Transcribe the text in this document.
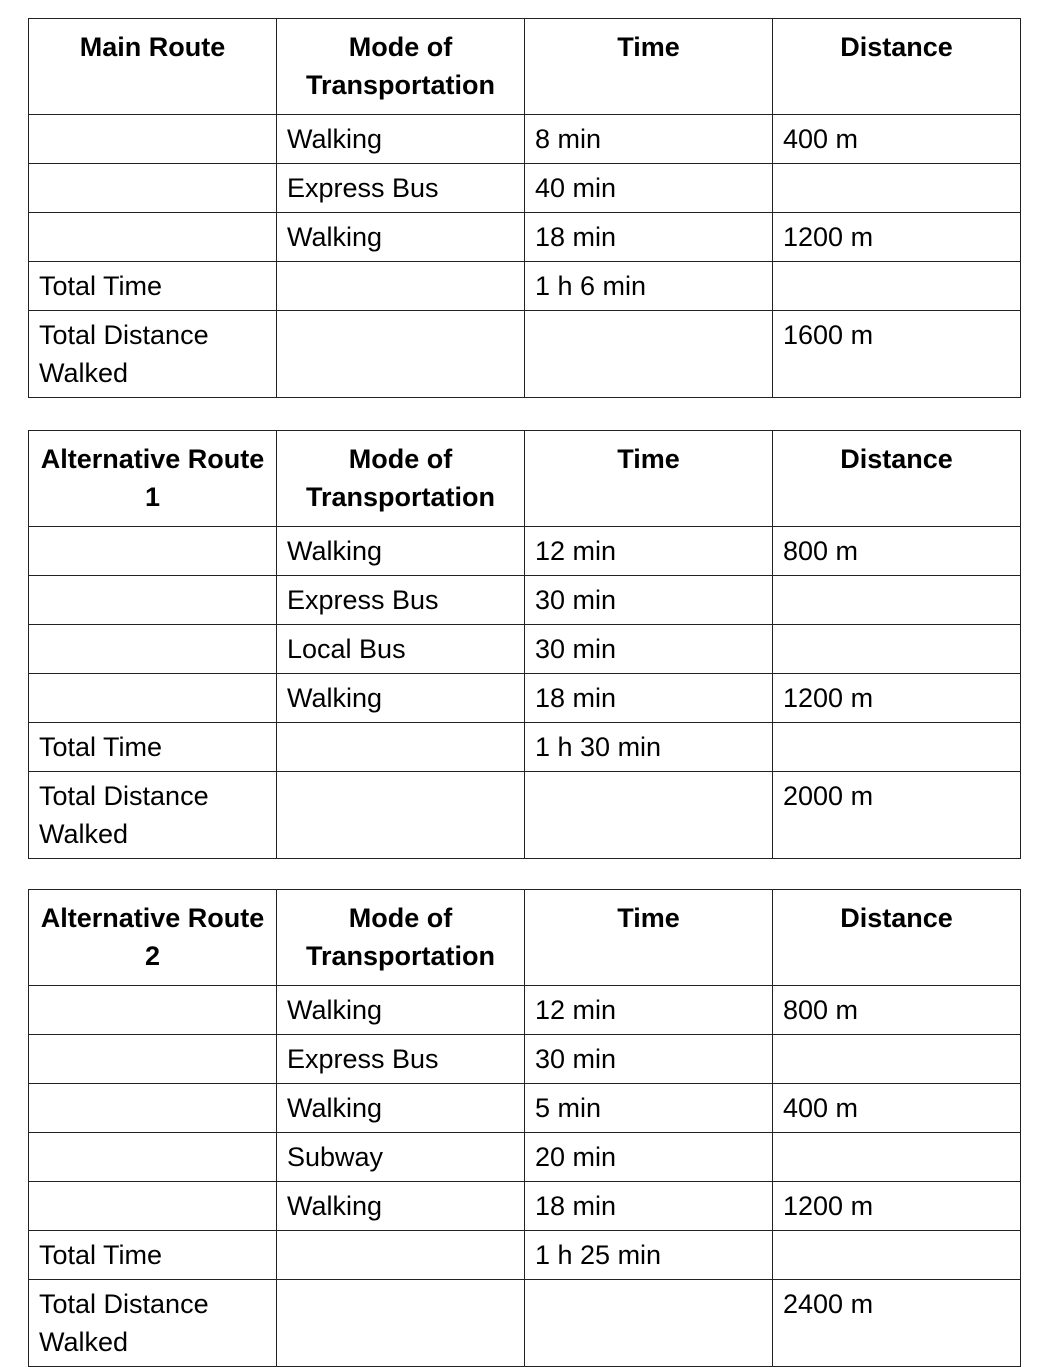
Main Route	Mode of Transportation	Time	Distance
	Walking	8 min	400 m
	Express Bus	40 min	
	Walking	18 min	1200 m
Total Time		1 h 6 min	
Total Distance Walked			1600 m
Alternative Route 1	Mode of Transportation	Time	Distance
	Walking	12 min	800 m
	Express Bus	30 min	
	Local Bus	30 min	
	Walking	18 min	1200 m
Total Time		1 h 30 min	
Total Distance Walked			2000 m
Alternative Route 2	Mode of Transportation	Time	Distance
	Walking	12 min	800 m
	Express Bus	30 min	
	Walking	5 min	400 m
	Subway	20 min	
	Walking	18 min	1200 m
Total Time		1 h 25 min	
Total Distance Walked			2400 m
